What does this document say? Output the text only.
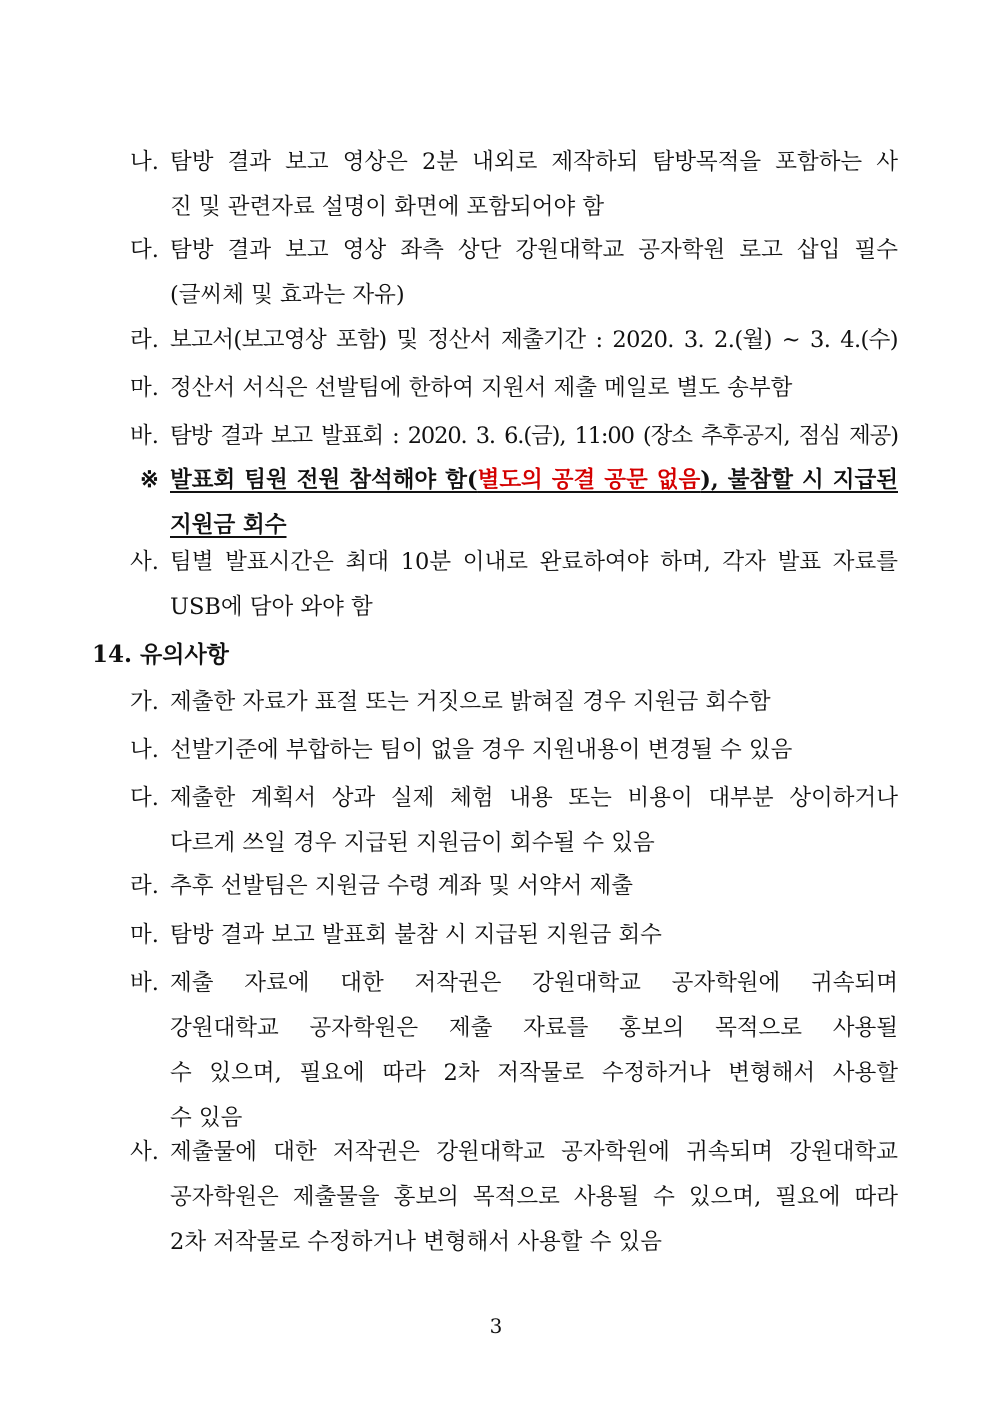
나. 탐방 결과 보고 영상은 2분 내외로 제작하되 탐방목적을 포함하는 사
진 및 관련자료 설명이 화면에 포함되어야 함
다. 탐방 결과 보고 영상 좌측 상단 강원대학교 공자학원 로고 삽입 필수
(글씨체 및 효과는 자유)
라. 보고서(보고영상 포함) 및 정산서 제출기간 : 2020. 3. 2.(월) ~ 3. 4.(수)
마. 정산서 서식은 선발팀에 한하여 지원서 제출 메일로 별도 송부함
바. 탐방 결과 보고 발표회 : 2020. 3. 6.(금), 11:00 (장소 추후공지, 점심 제공)
※ 발표회 팀원 전원 참석해야 함(별도의 공결 공문 없음), 불참할 시 지급된
지원금 회수
사. 팀별 발표시간은 최대 10분 이내로 완료하여야 하며, 각자 발표 자료를
USB에 담아 와야 함
14. 유의사항
가. 제출한 자료가 표절 또는 거짓으로 밝혀질 경우 지원금 회수함
나. 선발기준에 부합하는 팀이 없을 경우 지원내용이 변경될 수 있음
다. 제출한 계획서 상과 실제 체험 내용 또는 비용이 대부분 상이하거나
다르게 쓰일 경우 지급된 지원금이 회수될 수 있음
라. 추후 선발팀은 지원금 수령 계좌 및 서약서 제출
마. 탐방 결과 보고 발표회 불참 시 지급된 지원금 회수
바. 제출 자료에 대한 저작권은 강원대학교 공자학원에 귀속되며
강원대학교 공자학원은 제출 자료를 홍보의 목적으로 사용될
수 있으며, 필요에 따라 2차 저작물로 수정하거나 변형해서 사용할
수 있음
사. 제출물에 대한 저작권은 강원대학교 공자학원에 귀속되며 강원대학교
공자학원은 제출물을 홍보의 목적으로 사용될 수 있으며, 필요에 따라
2차 저작물로 수정하거나 변형해서 사용할 수 있음
3
